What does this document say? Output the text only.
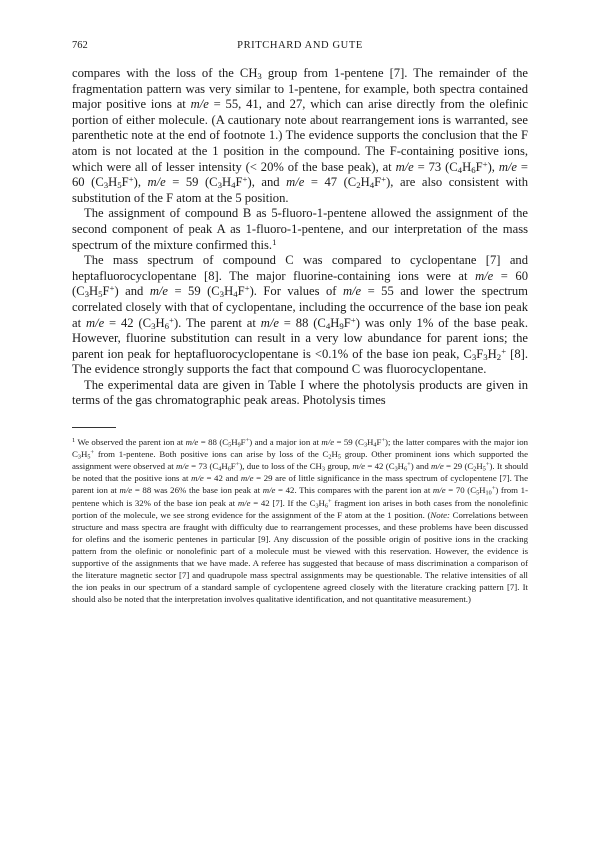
762	PRITCHARD AND GUTE

compares with the loss of the $CH_3$ group from 1-pentene [7]. The remainder of the fragmentation pattern was very similar to 1-pentene, for example, both spectra contained major positive ions at m/e = 55, 41, and 27, which can arise directly from the olefinic portion of either molecule. (A cautionary note about rearrangement ions is warranted, see parenthetic note at the end of footnote 1.) The evidence supports the conclusion that the F atom is not located at the 1 position in the compound. The F-containing positive ions, which were all of lesser intensity (< 20% of the base peak), at m/e = 73 $(C_4H_6F^+)$, m/e = 60 $(C_3H_5F^+)$, m/e = 59 $(C_3H_4F^+)$, and m/e = 47 $(C_2H_4F^+)$, are also consistent with substitution of the F atom at the 5 position.

The assignment of compound B as 5-fluoro-1-pentene allowed the assignment of the second component of peak A as 1-fluoro-1-pentene, and our interpretation of the mass spectrum of the mixture confirmed this.$^1$

The mass spectrum of compound C was compared to cyclopentane [7] and heptafluorocyclopentane [8]. The major fluorine-containing ions were at m/e = 60 $(C_3H_5F^+)$ and m/e = 59 $(C_3H_4F^+)$. For values of m/e = 55 and lower the spectrum correlated closely with that of cyclopentane, including the occurrence of the base ion peak at m/e = 42 $(C_3H_6^+)$. The parent at m/e = 88 $(C_4H_9F^+)$ was only 1% of the base peak. However, fluorine substitution can result in a very low abundance for parent ions; the parent ion peak for heptafluorocyclopentane is <0.1% of the base ion peak, $C_3F_3H_2^+$ [8]. The evidence strongly supports the fact that compound C was fluorocyclopentane.

The experimental data are given in Table I where the photolysis products are given in terms of the gas chromatographic peak areas. Photolysis times

$^1$ We observed the parent ion at m/e = 88 $(C_5H_9F^+)$ and a major ion at m/e = 59 $(C_3H_4F^+)$; the latter compares with the major ion $C_3H_5^+$ from 1-pentene. Both positive ions can arise by loss of the $C_2H_5$ group. Other prominent ions which supported the assignment were observed at m/e = 73 $(C_4H_6F^+)$, due to loss of the $CH_3$ group, m/e = 42 $(C_3H_6^+)$ and m/e = 29 $(C_2H_5^+)$. It should be noted that the positive ions at m/e = 42 and m/e = 29 are of little significance in the mass spectrum of cyclopentene [7]. The parent ion at m/e = 88 was 26% the base ion peak at m/e = 42. This compares with the parent ion at m/e = 70 $(C_5H_{10}^+)$ from 1-pentene which is 32% of the base ion peak at m/e = 42 [7]. If the $C_3H_6^+$ fragment ion arises in both cases from the nonolefinic portion of the molecule, we see strong evidence for the assignment of the F atom at the 1 position. (Note: Correlations between structure and mass spectra are fraught with difficulty due to rearrangement processes, and these problems have been discussed for olefins and the isomeric pentenes in particular [9]. Any discussion of the possible origin of positive ions in the cracking pattern from the olefinic or nonolefinic part of a molecule must be viewed with this reservation. However, the evidence is supportive of the assignments that we have made. A referee has suggested that because of mass discrimination a comparison of the literature magnetic sector [7] and quadrupole mass spectral assignments may be questionable. The relative intensities of all the ion peaks in our spectrum of a standard sample of cyclopentene agreed closely with the literature cracking pattern [7]. It should also be noted that the interpretation involves qualitative identification, and not quantitative measurement.)
